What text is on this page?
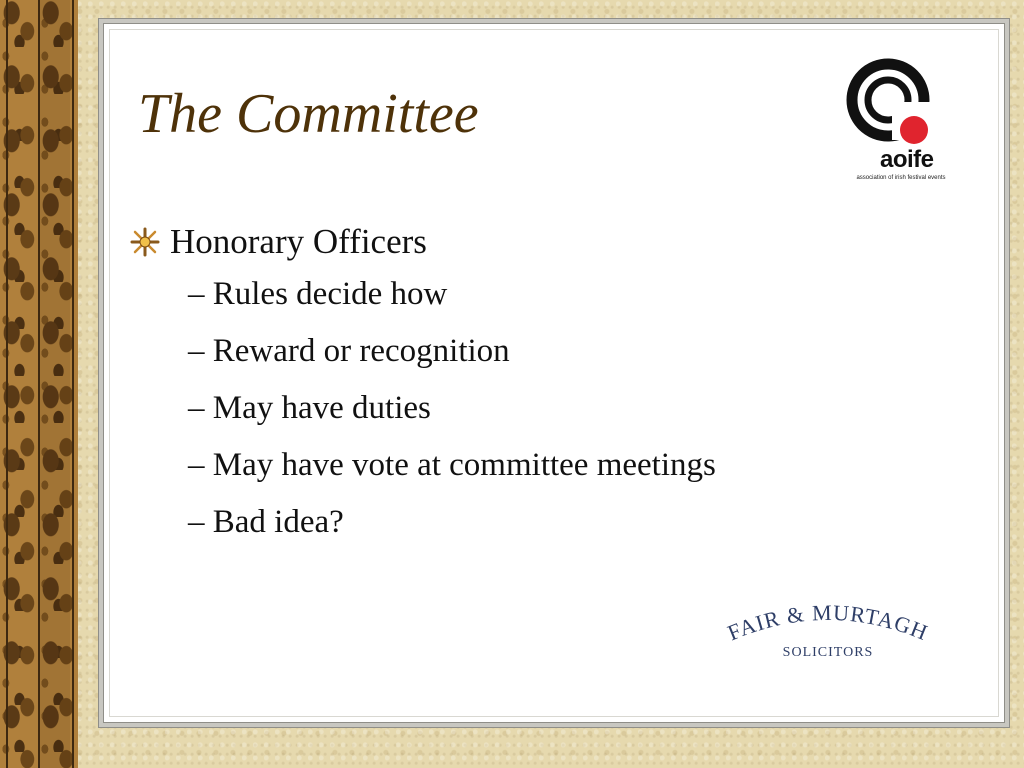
The Committee
aoife
association of irish festival events
Honorary Officers
– Rules decide how
– Reward or recognition
– May have duties
– May have vote at committee meetings
– Bad idea?
FAIR & MURTAGH
SOLICITORS
